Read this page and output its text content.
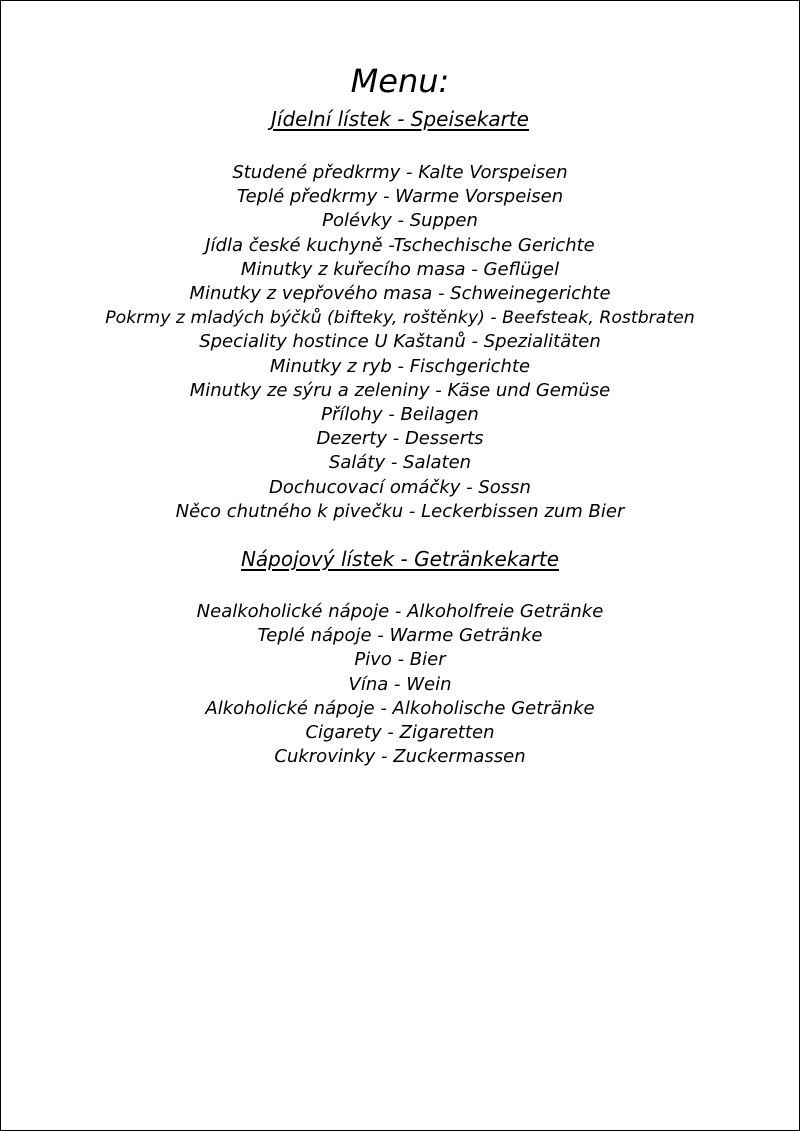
Menu:
Jídelní lístek - Speisekarte
Studené předkrmy - Kalte Vorspeisen
Teplé předkrmy - Warme Vorspeisen
Polévky - Suppen
Jídla české kuchyně -Tschechische Gerichte
Minutky z kuřecího masa - Geflügel
Minutky z vepřového masa - Schweinegerichte
Pokrmy z mladých býčků (bifteky, roštěnky) - Beefsteak, Rostbraten
Speciality hostince U Kaštanů - Spezialitäten
Minutky z ryb - Fischgerichte
Minutky ze sýru a zeleniny - Käse und Gemüse
Přílohy - Beilagen
Dezerty - Desserts
Saláty - Salaten
Dochucovací omáčky - Sossn
Něco chutného k pivečku - Leckerbissen zum Bier
Nápojový lístek - Getränkekarte
Nealkoholické nápoje - Alkoholfreie Getränke
Teplé nápoje - Warme Getränke
Pivo - Bier
Vína - Wein
Alkoholické nápoje - Alkoholische Getränke
Cigarety - Zigaretten
Cukrovinky - Zuckermassen
